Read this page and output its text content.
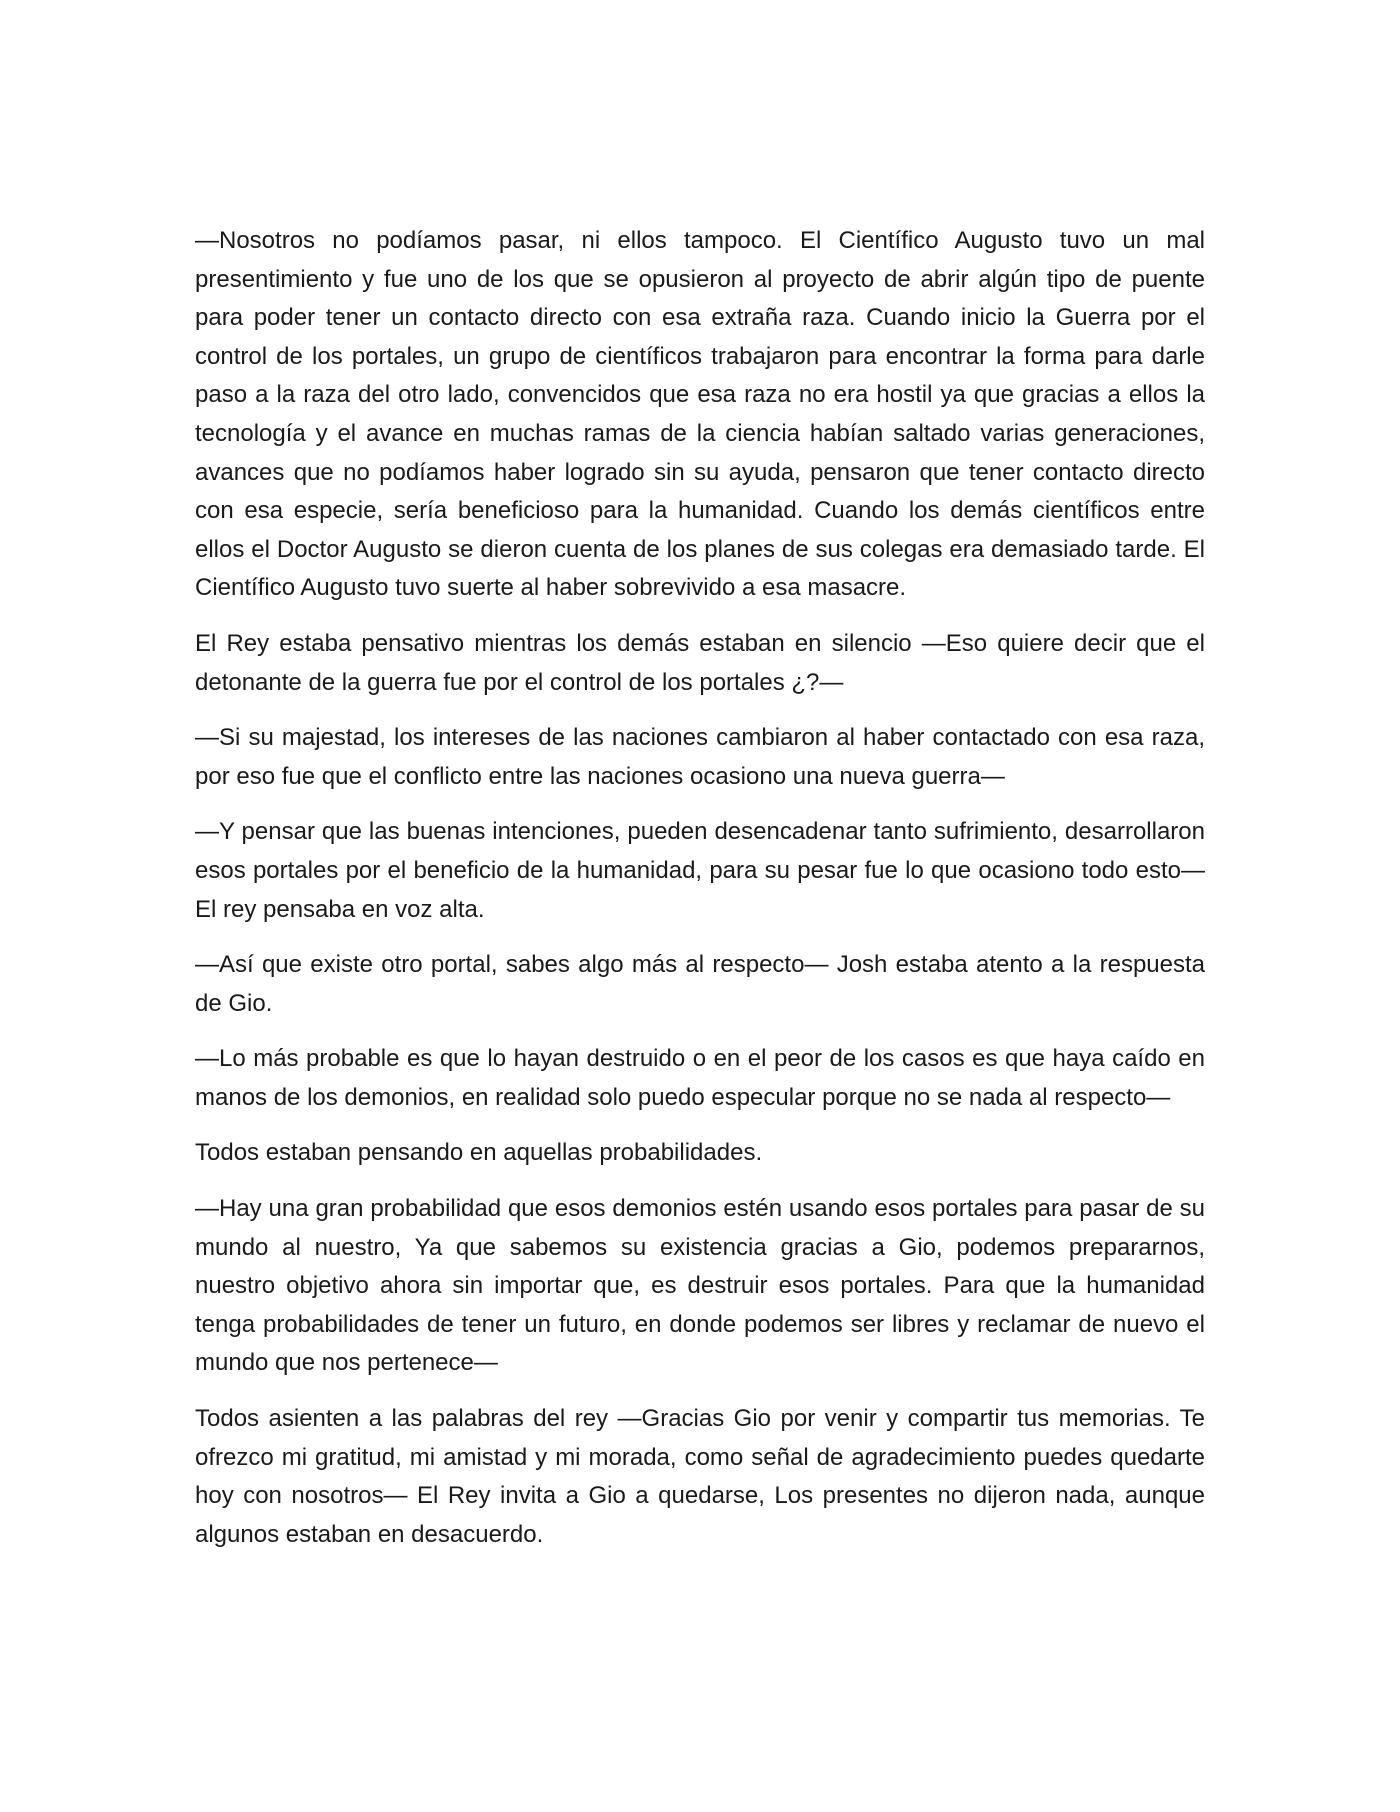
—Nosotros no podíamos pasar, ni ellos tampoco. El Científico Augusto tuvo un mal presentimiento y fue uno de los que se opusieron al proyecto de abrir algún tipo de puente para poder tener un contacto directo con esa extraña raza. Cuando inicio la Guerra por el control de los portales, un grupo de científicos trabajaron para encontrar la forma para darle paso a la raza del otro lado, convencidos que esa raza no era hostil ya que gracias a ellos la tecnología y el avance en muchas ramas de la ciencia habían saltado varias generaciones, avances que no podíamos haber logrado sin su ayuda, pensaron que tener contacto directo con esa especie, sería beneficioso para la humanidad. Cuando los demás científicos entre ellos el Doctor Augusto se dieron cuenta de los planes de sus colegas era demasiado tarde. El Científico Augusto tuvo suerte al haber sobrevivido a esa masacre.

El Rey estaba pensativo mientras los demás estaban en silencio —Eso quiere decir que el detonante de la guerra fue por el control de los portales ¿?—

—Si su majestad, los intereses de las naciones cambiaron al haber contactado con esa raza, por eso fue que el conflicto entre las naciones ocasiono una nueva guerra—

—Y pensar que las buenas intenciones, pueden desencadenar tanto sufrimiento, desarrollaron esos portales por el beneficio de la humanidad, para su pesar fue lo que ocasiono todo esto— El rey pensaba en voz alta.

—Así que existe otro portal, sabes algo más al respecto— Josh estaba atento a la respuesta de Gio.

—Lo más probable es que lo hayan destruido o en el peor de los casos es que haya caído en manos de los demonios, en realidad solo puedo especular porque no se nada al respecto—

Todos estaban pensando en aquellas probabilidades.

—Hay una gran probabilidad que esos demonios estén usando esos portales para pasar de su mundo al nuestro, Ya que sabemos su existencia gracias a Gio, podemos prepararnos, nuestro objetivo ahora sin importar que, es destruir esos portales. Para que la humanidad tenga probabilidades de tener un futuro, en donde podemos ser libres y reclamar de nuevo el mundo que nos pertenece—

Todos asienten a las palabras del rey —Gracias Gio por venir y compartir tus memorias. Te ofrezco mi gratitud, mi amistad y mi morada, como señal de agradecimiento puedes quedarte hoy con nosotros— El Rey invita a Gio a quedarse, Los presentes no dijeron nada, aunque algunos estaban en desacuerdo.
